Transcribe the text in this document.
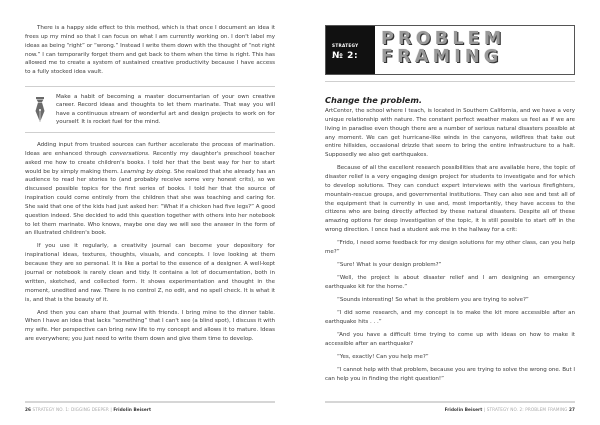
There is a happy side effect to this method, which is that once I document an idea it frees up my mind so that I can focus on what I am currently working on. I don't label my ideas as being “right” or “wrong.” Instead I write them down with the thought of “not right now.” I can temporarily forget them and get back to them when the time is right. This has allowed me to create a system of sustained creative productivity because I have access to a fully stocked idea vault.

Make a habit of becoming a master documentarian of your own creative career. Record ideas and thoughts to let them marinate. That way you will have a continuous stream of wonderful art and design projects to work on for yourself. It is rocket fuel for the mind.

Adding input from trusted sources can further accelerate the process of marination. Ideas are enhanced through conversations. Recently my daughter's preschool teacher asked me how to create children's books. I told her that the best way for her to start would be by simply making them. Learning by doing. She realized that she already has an audience to read her stories to (and probably receive some very honest crits), so we discussed possible topics for the first series of books. I told her that the source of inspiration could come entirely from the children that she was teaching and caring for. She said that one of the kids had just asked her: “What if a chicken had five legs?” A good question indeed. She decided to add this question together with others into her notebook to let them marinate. Who knows, maybe one day we will see the answer in the form of an illustrated children's book.

If you use it regularly, a creativity journal can become your depository for inspirational ideas, textures, thoughts, visuals, and concepts. I love looking at them because they are so personal. It is like a portal to the essence of a designer. A well-kept journal or notebook is rarely clean and tidy. It contains a lot of documentation, both in written, sketched, and collected form. It shows experimentation and thought in the moment, unedited and raw. There is no control Z, no edit, and no spell check. It is what it is, and that is the beauty of it.

And then you can share that journal with friends. I bring mine to the dinner table. When I have an idea that lacks “something” that I can't see (a blind spot), I discuss it with my wife. Her perspective can bring new life to my concept and allows it to mature. Ideas are everywhere; you just need to write them down and give them time to develop.

26 STRATEGY NO. 1: DIGGING DEEPER | Fridolin Beisert
STRATEGY
№ 2:
PROBLEM
FRAMING
Change the problem.

ArtCenter, the school where I teach, is located in Southern California, and we have a very unique relationship with nature. The constant perfect weather makes us feel as if we are living in paradise even though there are a number of serious natural disasters possible at any moment. We can get hurricane-like winds in the canyons, wildfires that take out entire hillsides, occasional drizzle that seem to bring the entire infrastructure to a halt. Supposedly we also get earthquakes.

Because of all the excellent research possibilities that are available here, the topic of disaster relief is a very engaging design project for students to investigate and for which to develop solutions. They can conduct expert interviews with the various firefighters, mountain-rescue groups, and governmental institutions. They can also see and test all of the equipment that is currently in use and, most importantly, they have access to the citizens who are being directly affected by these natural disasters. Despite all of these amazing options for deep investigation of the topic, it is still possible to start off in the wrong direction. I once had a student ask me in the hallway for a crit:

“Frido, I need some feedback for my design solutions for my other class, can you help me?”

“Sure! What is your design problem?”

“Well, the project is about disaster relief and I am designing an emergency earthquake kit for the home.”

“Sounds interesting! So what is the problem you are trying to solve?”

“I did some research, and my concept is to make the kit more accessible after an earthquake hits . . .”

“And you have a difficult time trying to come up with ideas on how to make it accessible after an earthquake?

“Yes, exactly! Can you help me?”

“I cannot help with that problem, because you are trying to solve the wrong one. But I can help you in finding the right question!”

Fridolin Beisert | STRATEGY NO. 2: PROBLEM FRAMING 27
